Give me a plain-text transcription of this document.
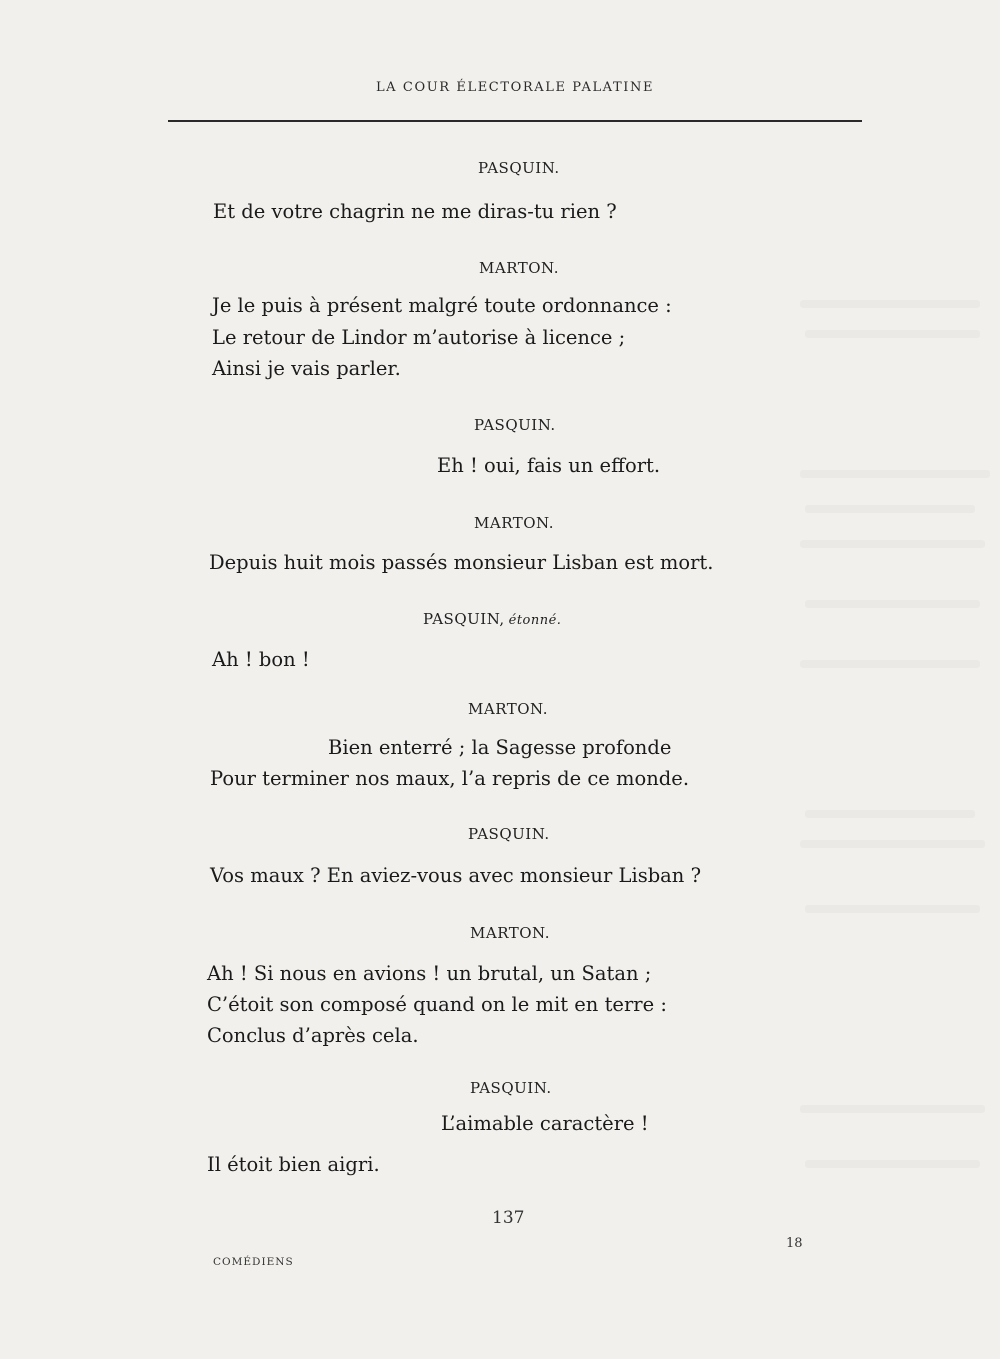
LA COUR ÉLECTORALE PALATINE
PASQUIN.
Et de votre chagrin ne me diras-tu rien ?
MARTON.
Je le puis à présent malgré toute ordonnance :
Le retour de Lindor m’autorise à licence ;
Ainsi je vais parler.
PASQUIN.
Eh ! oui, fais un effort.
MARTON.
Depuis huit mois passés monsieur Lisban est mort.
PASQUIN, étonné.
Ah ! bon !
MARTON.
Bien enterré ; la Sagesse profonde
Pour terminer nos maux, l’a repris de ce monde.
PASQUIN.
Vos maux ? En aviez-vous avec monsieur Lisban ?
MARTON.
Ah ! Si nous en avions ! un brutal, un Satan ;
C’étoit son composé quand on le mit en terre :
Conclus d’après cela.
PASQUIN.
L’aimable caractère !
Il étoit bien aigri.
137
COMÉDIENS
18
